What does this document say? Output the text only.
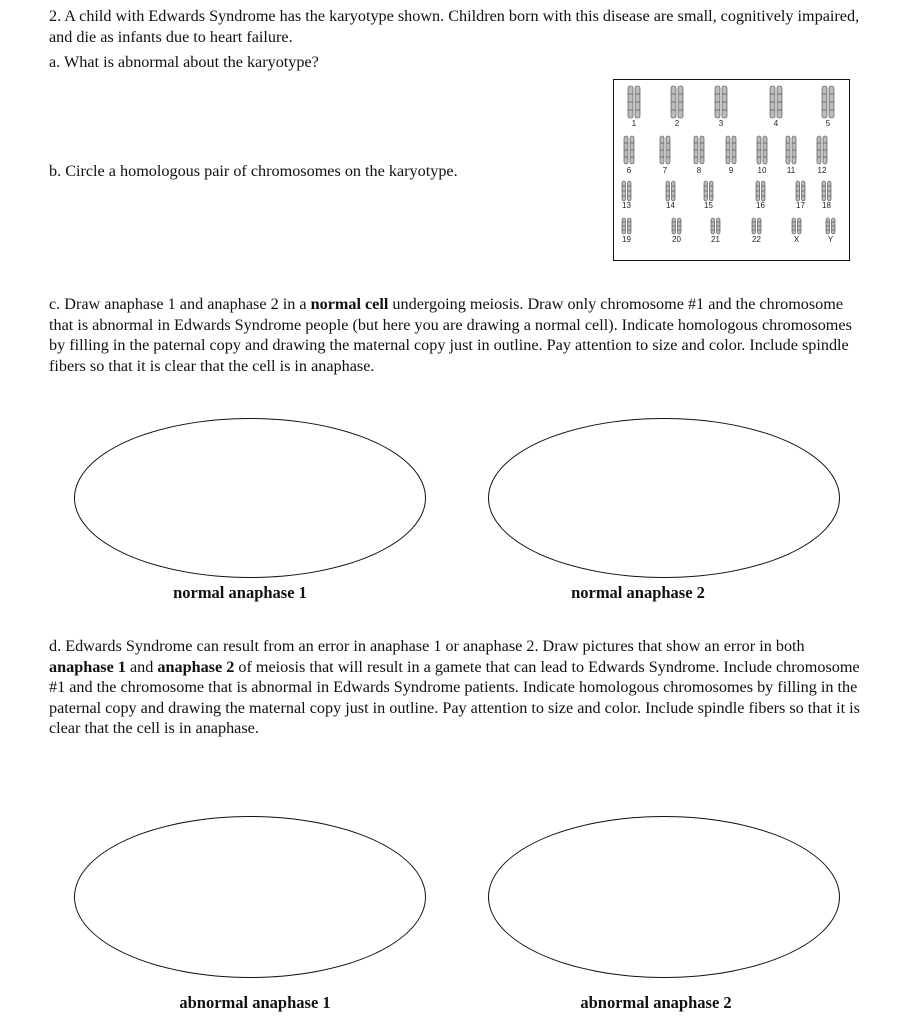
2. A child with Edwards Syndrome has the karyotype shown. Children born with this disease are small, cognitively impaired, and die as infants due to heart failure.

a. What is abnormal about the karyotype?

b. Circle a homologous pair of chromosomes on the karyotype.

1	2	3	4	5
6	7	8	9	10	11	12
13	14	15	16	17 18
19	20	21	22	X	Y

c. Draw anaphase 1 and anaphase 2 in a normal cell undergoing meiosis. Draw only chromosome #1 and the chromosome that is abnormal in Edwards Syndrome people (but here you are drawing a normal cell). Indicate homologous chromosomes by filling in the paternal copy and drawing the maternal copy just in outline. Pay attention to size and color. Include spindle fibers so that it is clear that the cell is in anaphase.

normal anaphase 1	normal anaphase 2

d. Edwards Syndrome can result from an error in anaphase 1 or anaphase 2. Draw pictures that show an error in both anaphase 1 and anaphase 2 of meiosis that will result in a gamete that can lead to Edwards Syndrome. Include chromosome #1 and the chromosome that is abnormal in Edwards Syndrome patients. Indicate homologous chromosomes by filling in the paternal copy and drawing the maternal copy just in outline. Pay attention to size and color. Include spindle fibers so that it is clear that the cell is in anaphase.

abnormal anaphase 1	abnormal anaphase 2
